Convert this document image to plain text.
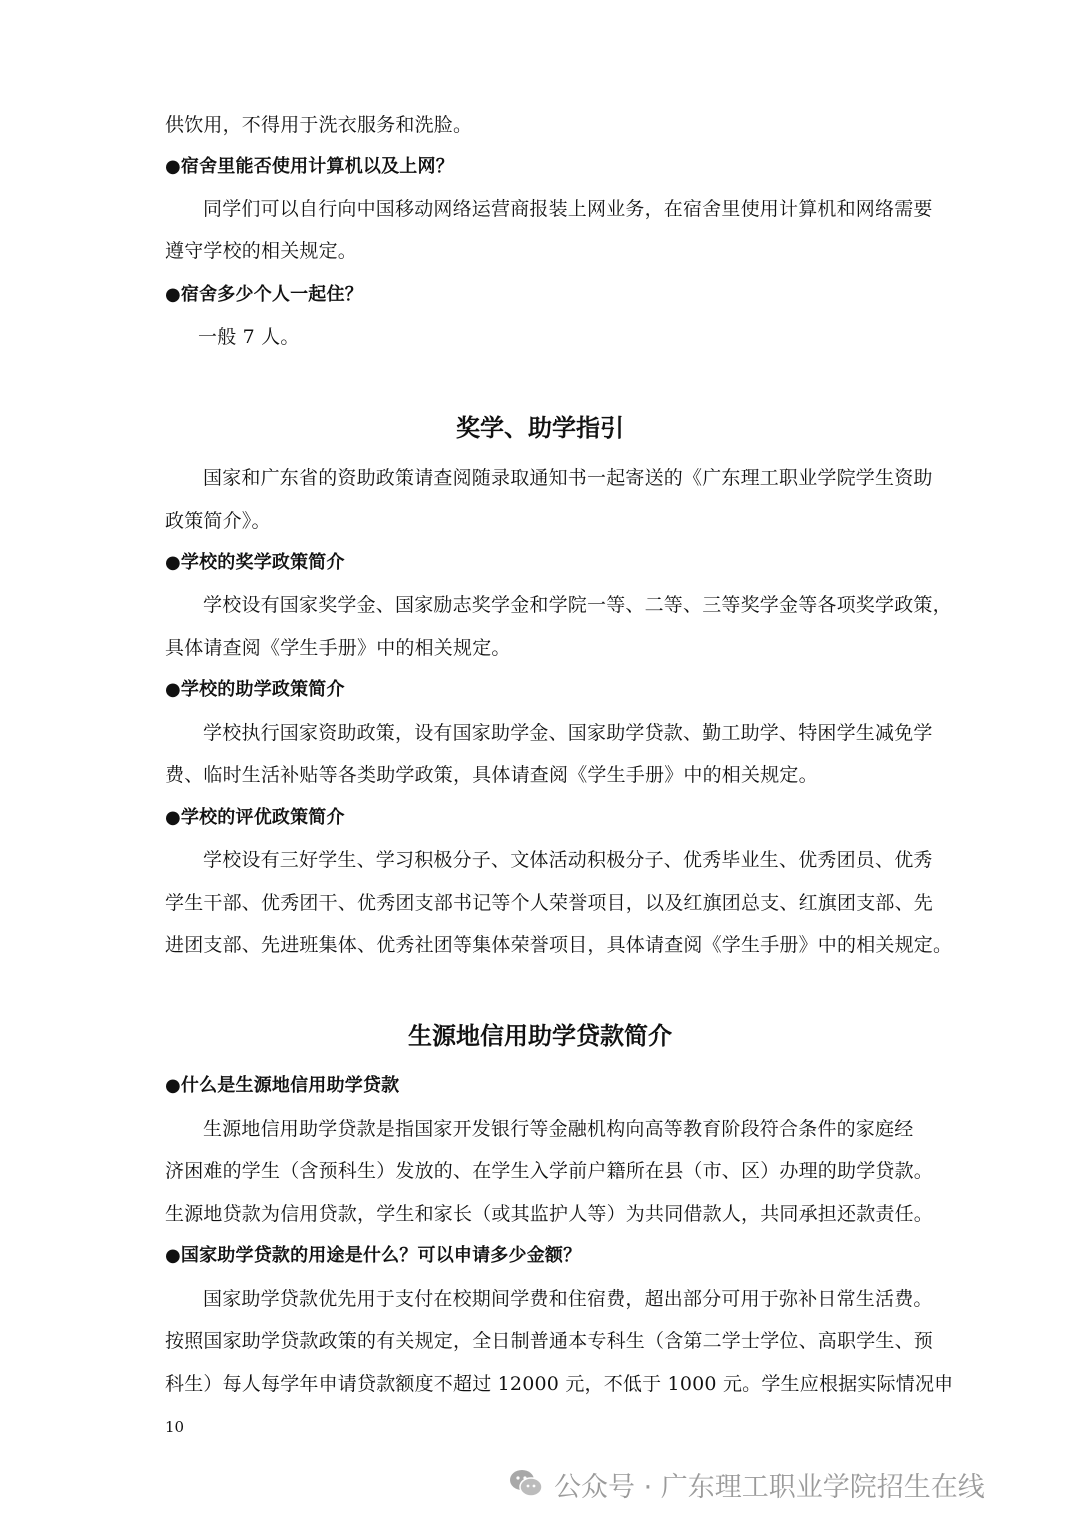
供饮用，不得用于洗衣服务和洗脸。
●宿舍里能否使用计算机以及上网？
同学们可以自行向中国移动网络运营商报装上网业务，在宿舍里使用计算机和网络需要
遵守学校的相关规定。
●宿舍多少个人一起住？
一般 7 人。
奖学、助学指引
国家和广东省的资助政策请查阅随录取通知书一起寄送的《广东理工职业学院学生资助
政策简介》。
●学校的奖学政策简介
学校设有国家奖学金、国家励志奖学金和学院一等、二等、三等奖学金等各项奖学政策，
具体请查阅《学生手册》中的相关规定。
●学校的助学政策简介
学校执行国家资助政策，设有国家助学金、国家助学贷款、勤工助学、特困学生减免学
费、临时生活补贴等各类助学政策，具体请查阅《学生手册》中的相关规定。
●学校的评优政策简介
学校设有三好学生、学习积极分子、文体活动积极分子、优秀毕业生、优秀团员、优秀
学生干部、优秀团干、优秀团支部书记等个人荣誉项目，以及红旗团总支、红旗团支部、先
进团支部、先进班集体、优秀社团等集体荣誉项目，具体请查阅《学生手册》中的相关规定。
生源地信用助学贷款简介
●什么是生源地信用助学贷款
生源地信用助学贷款是指国家开发银行等金融机构向高等教育阶段符合条件的家庭经
济困难的学生（含预科生）发放的、在学生入学前户籍所在县（市、区）办理的助学贷款。
生源地贷款为信用贷款，学生和家长（或其监护人等）为共同借款人，共同承担还款责任。
●国家助学贷款的用途是什么？可以申请多少金额？
国家助学贷款优先用于支付在校期间学费和住宿费，超出部分可用于弥补日常生活费。
按照国家助学贷款政策的有关规定，全日制普通本专科生（含第二学士学位、高职学生、预
科生）每人每学年申请贷款额度不超过 12000 元，不低于 1000 元。学生应根据实际情况申
10
公众号 · 广东理工职业学院招生在线
